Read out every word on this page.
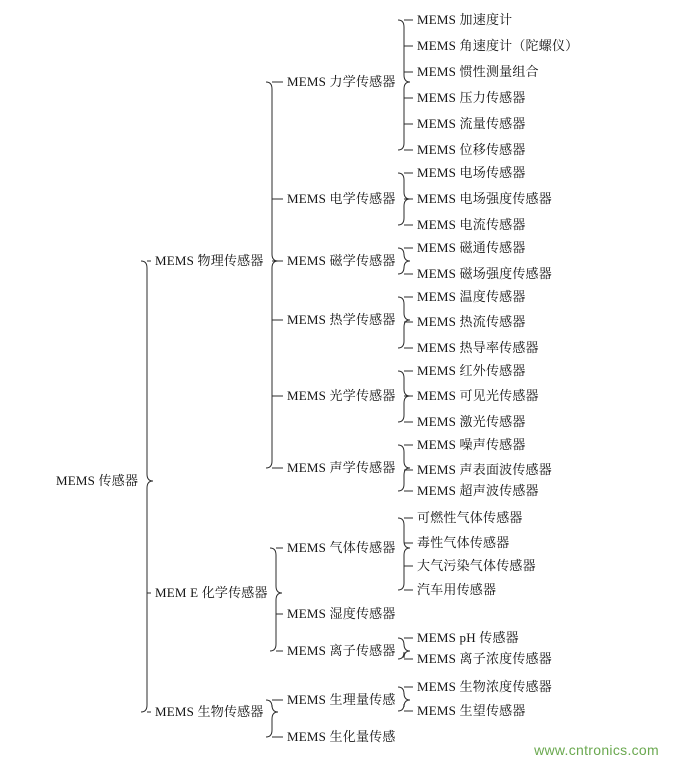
MEMS 传感器
MEMS 物理传感器
MEMS 力学传感器
MEMS 加速度计
MEMS 角速度计（陀螺仪）
MEMS 惯性测量组合
MEMS 压力传感器
MEMS 流量传感器
MEMS 位移传感器
MEMS 电学传感器
MEMS 电场传感器
MEMS 电场强度传感器
MEMS 电流传感器
MEMS 磁学传感器
MEMS 磁通传感器
MEMS 磁场强度传感器
MEMS 热学传感器
MEMS 温度传感器
MEMS 热流传感器
MEMS 热导率传感器
MEMS 光学传感器
MEMS 红外传感器
MEMS 可见光传感器
MEMS 激光传感器
MEMS 声学传感器
MEMS 噪声传感器
MEMS 声表面波传感器
MEMS 超声波传感器
MEM E 化学传感器
MEMS 气体传感器
可燃性气体传感器
毒性气体传感器
大气污染气体传感器
汽车用传感器
MEMS 湿度传感器
MEMS 离子传感器
MEMS pH 传感器
MEMS 离子浓度传感器
MEMS 生物传感器
MEMS 生理量传感
MEMS 生物浓度传感器
MEMS 生望传感器
MEMS 生化量传感
www.cntronics.com
